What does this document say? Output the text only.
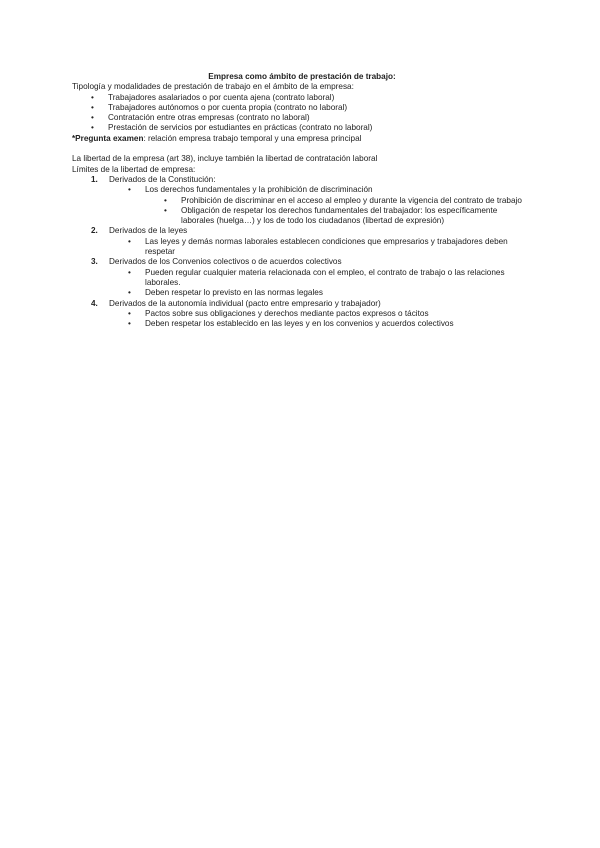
Empresa como ámbito de prestación de trabajo:

Tipología y modalidades de prestación de trabajo en el ámbito de la empresa:

• Trabajadores asalariados o por cuenta ajena (contrato laboral)
• Trabajadores autónomos o por cuenta propia (contrato no laboral)
• Contratación entre otras empresas (contrato no laboral)
• Prestación de servicios por estudiantes en prácticas (contrato no laboral)

*Pregunta examen: relación empresa trabajo temporal y una empresa principal

La libertad de la empresa (art 38), incluye también la libertad de contratación laboral

Límites de la libertad de empresa:

1. Derivados de la Constitución:
• Los derechos fundamentales y la prohibición de discriminación
• Prohibición de discriminar en el acceso al empleo y durante la vigencia del contrato de trabajo
• Obligación de respetar los derechos fundamentales del trabajador: los específicamente laborales (huelga…) y los de todo los ciudadanos (libertad de expresión)
2. Derivados de la leyes
• Las leyes y demás normas laborales establecen condiciones que empresarios y trabajadores deben respetar
3. Derivados de los Convenios colectivos o de acuerdos colectivos
• Pueden regular cualquier materia relacionada con el empleo, el contrato de trabajo o las relaciones laborales.
• Deben respetar lo previsto en las normas legales
4. Derivados de la autonomía individual (pacto entre empresario y trabajador)
• Pactos sobre sus obligaciones y derechos mediante pactos expresos o tácitos
• Deben respetar los establecido en las leyes y en los convenios y acuerdos colectivos
